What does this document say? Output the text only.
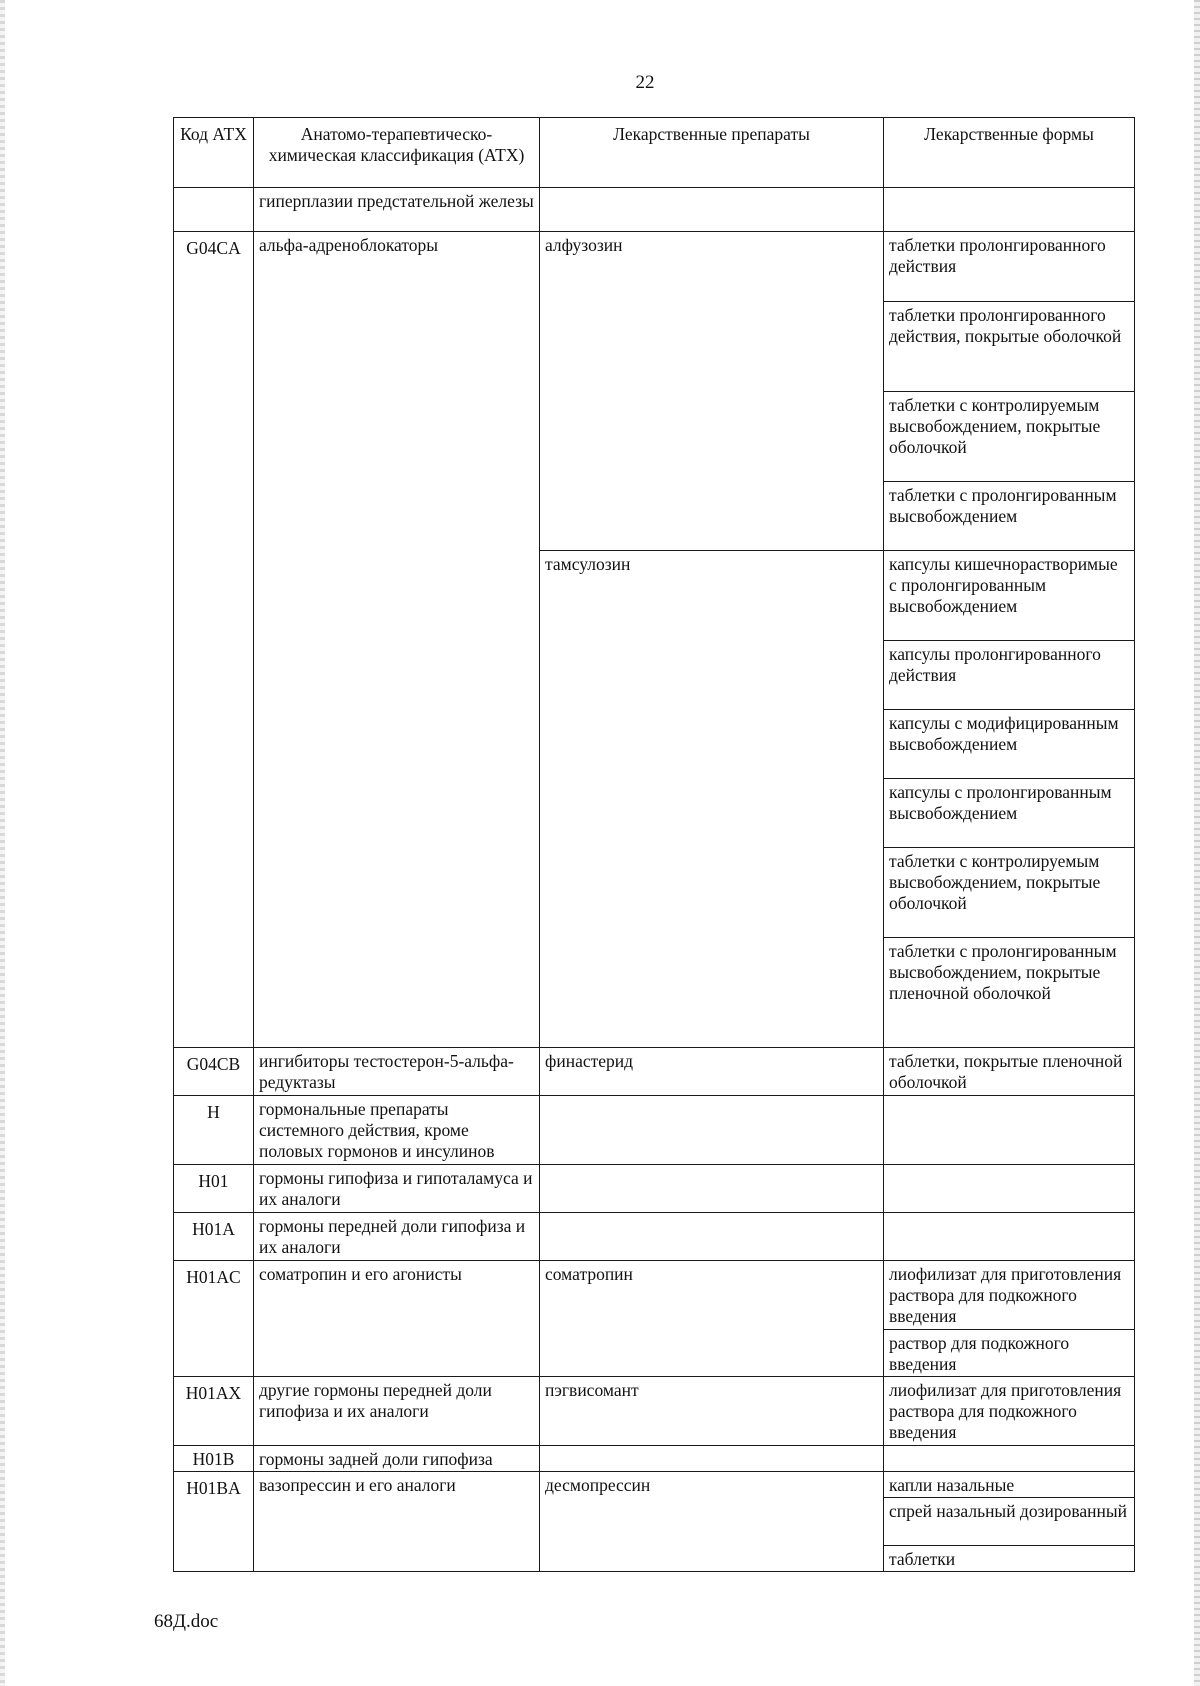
22
Код АТХ	Анатомо-терапевтическо-химическая классификация (АТХ)	Лекарственные препараты	Лекарственные формы
	гиперплазии предстательной железы		
G04CA	альфа-адреноблокаторы	алфузозин	таблетки пролонгированного действия
			таблетки пролонгированного действия, покрытые оболочкой
			таблетки с контролируемым высвобождением, покрытые оболочкой
			таблетки с пролонгированным высвобождением
		тамсулозин	капсулы кишечнорастворимые с пролонгированным высвобождением
			капсулы пролонгированного действия
			капсулы с модифицированным высвобождением
			капсулы с пролонгированным высвобождением
			таблетки с контролируемым высвобождением, покрытые оболочкой
			таблетки с пролонгированным высвобождением, покрытые пленочной оболочкой
G04CB	ингибиторы тестостерон-5-альфа-редуктазы	финастерид	таблетки, покрытые пленочной оболочкой
H	гормональные препараты системного действия, кроме половых гормонов и инсулинов		
H01	гормоны гипофиза и гипоталамуса и их аналоги		
H01A	гормоны передней доли гипофиза и их аналоги		
H01AC	соматропин и его агонисты	соматропин	лиофилизат для приготовления раствора для подкожного введения
			раствор для подкожного введения
H01AX	другие гормоны передней доли гипофиза и их аналоги	пэгвисомант	лиофилизат для приготовления раствора для подкожного введения
H01B	гормоны задней доли гипофиза		
H01BA	вазопрессин и его аналоги	десмопрессин	капли назальные
			спрей назальный дозированный
			таблетки
68Д.doc
